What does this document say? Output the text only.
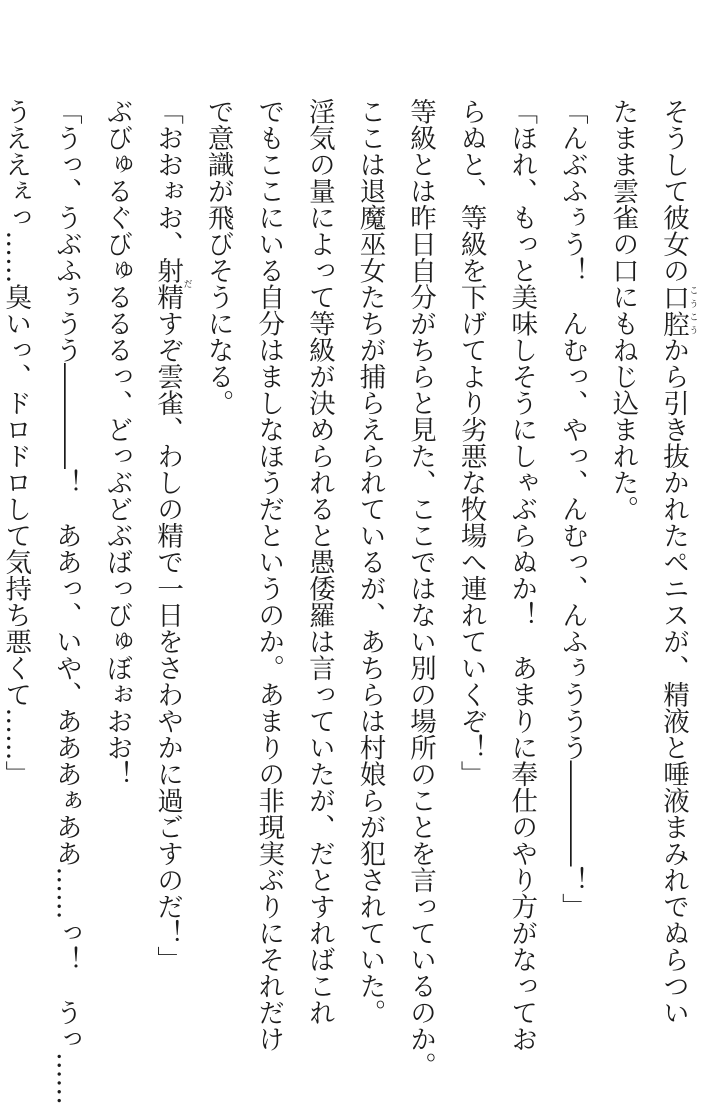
そうして彼女の口腔こうこうから引き抜かれたペニスが、精液と唾液まみれでぬらつい
たまま雲雀の口にもねじ込まれた。
「んぶふぅう！　んむっ、やっ、んむっ、んふぅううう――――！」
「ほれ、もっと美味しそうにしゃぶらぬか！　あまりに奉仕のやり方がなってお
らぬと、等級を下げてより劣悪な牧場へ連れていくぞ！」
等級とは昨日自分がちらと見た、ここではない別の場所のことを言っているのか。
ここは退魔巫女たちが捕らえられているが、あちらは村娘らが犯されていた。
淫気の量によって等級が決められると愚倭羅は言っていたが、だとすればこれ
でもここにいる自分はましなほうだというのか。あまりの非現実ぶりにそれだけ
で意識が飛びそうになる。
「おおぉお、射精だすぞ雲雀、わしの精で一日をさわやかに過ごすのだ！」
ぶびゅるぐびゅるるるっ、どっぶどぶばっびゅぼぉおお！
「うっ、うぶふぅうう――――！　ああっ、いや、あああぁああ……っ！　うっ……
うええぇっ……臭いっ、ドロドロして気持ち悪くて……」
